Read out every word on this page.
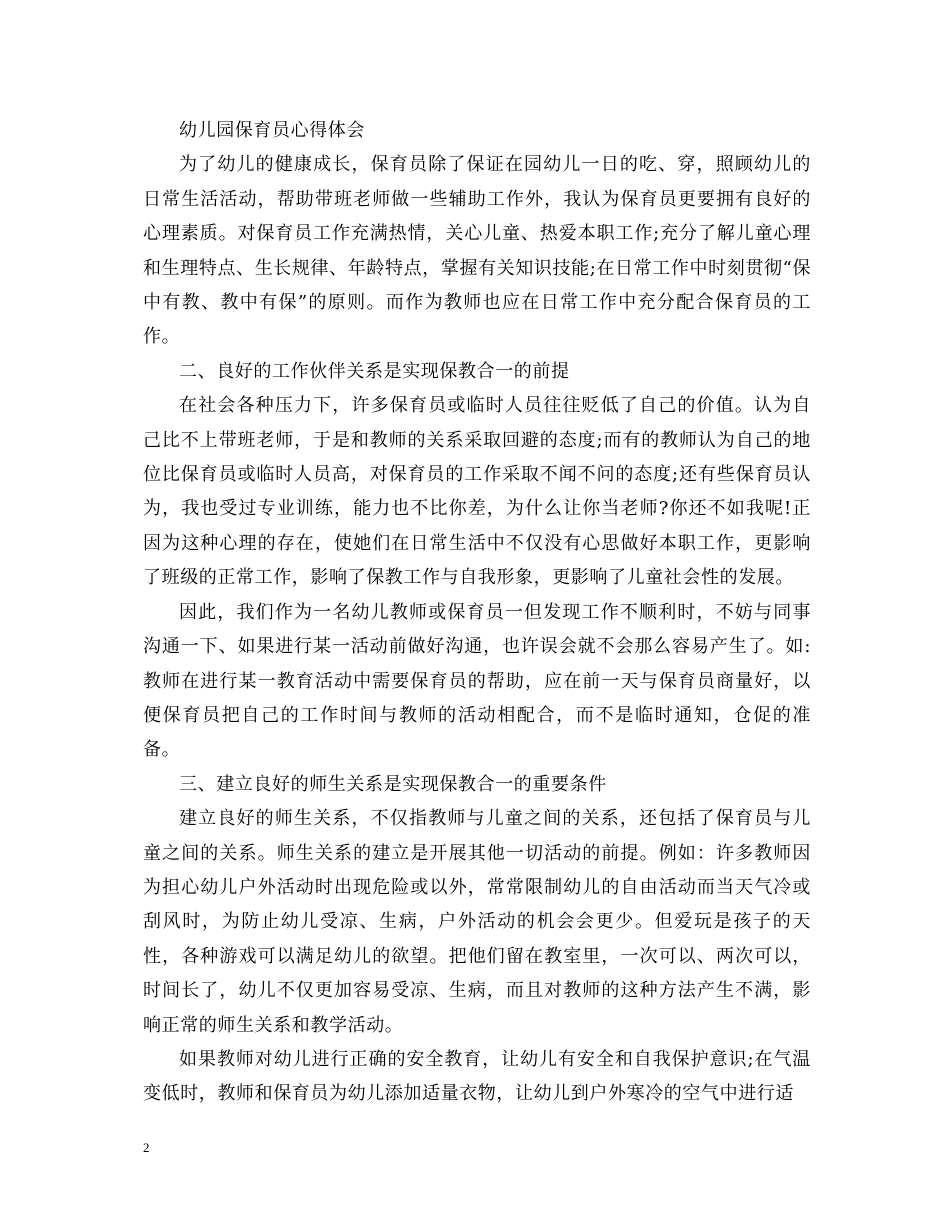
幼儿园保育员心得体会

为了幼儿的健康成长，保育员除了保证在园幼儿一日的吃、穿，照顾幼儿的日常生活活动，帮助带班老师做一些辅助工作外，我认为保育员更要拥有良好的心理素质。对保育员工作充满热情，关心儿童、热爱本职工作;充分了解儿童心理和生理特点、生长规律、年龄特点，掌握有关知识技能;在日常工作中时刻贯彻“保中有教、教中有保”的原则。而作为教师也应在日常工作中充分配合保育员的工作。

二、良好的工作伙伴关系是实现保教合一的前提

在社会各种压力下，许多保育员或临时人员往往贬低了自己的价值。认为自己比不上带班老师，于是和教师的关系采取回避的态度;而有的教师认为自己的地位比保育员或临时人员高，对保育员的工作采取不闻不问的态度;还有些保育员认为，我也受过专业训练，能力也不比你差，为什么让你当老师?你还不如我呢!正因为这种心理的存在，使她们在日常生活中不仅没有心思做好本职工作，更影响了班级的正常工作，影响了保教工作与自我形象，更影响了儿童社会性的发展。

因此，我们作为一名幼儿教师或保育员一但发现工作不顺利时，不妨与同事沟通一下、如果进行某一活动前做好沟通，也许误会就不会那么容易产生了。如:教师在进行某一教育活动中需要保育员的帮助，应在前一天与保育员商量好，以便保育员把自己的工作时间与教师的活动相配合，而不是临时通知，仓促的准备。

三、建立良好的师生关系是实现保教合一的重要条件

建立良好的师生关系，不仅指教师与儿童之间的关系，还包括了保育员与儿童之间的关系。师生关系的建立是开展其他一切活动的前提。例如：许多教师因为担心幼儿户外活动时出现危险或以外，常常限制幼儿的自由活动而当天气冷或刮风时，为防止幼儿受凉、生病，户外活动的机会会更少。但爱玩是孩子的天性，各种游戏可以满足幼儿的欲望。把他们留在教室里，一次可以、两次可以，时间长了，幼儿不仅更加容易受凉、生病，而且对教师的这种方法产生不满，影响正常的师生关系和教学活动。

如果教师对幼儿进行正确的安全教育，让幼儿有安全和自我保护意识;在气温变低时，教师和保育员为幼儿添加适量衣物，让幼儿到户外寒冷的空气中进行适

2
